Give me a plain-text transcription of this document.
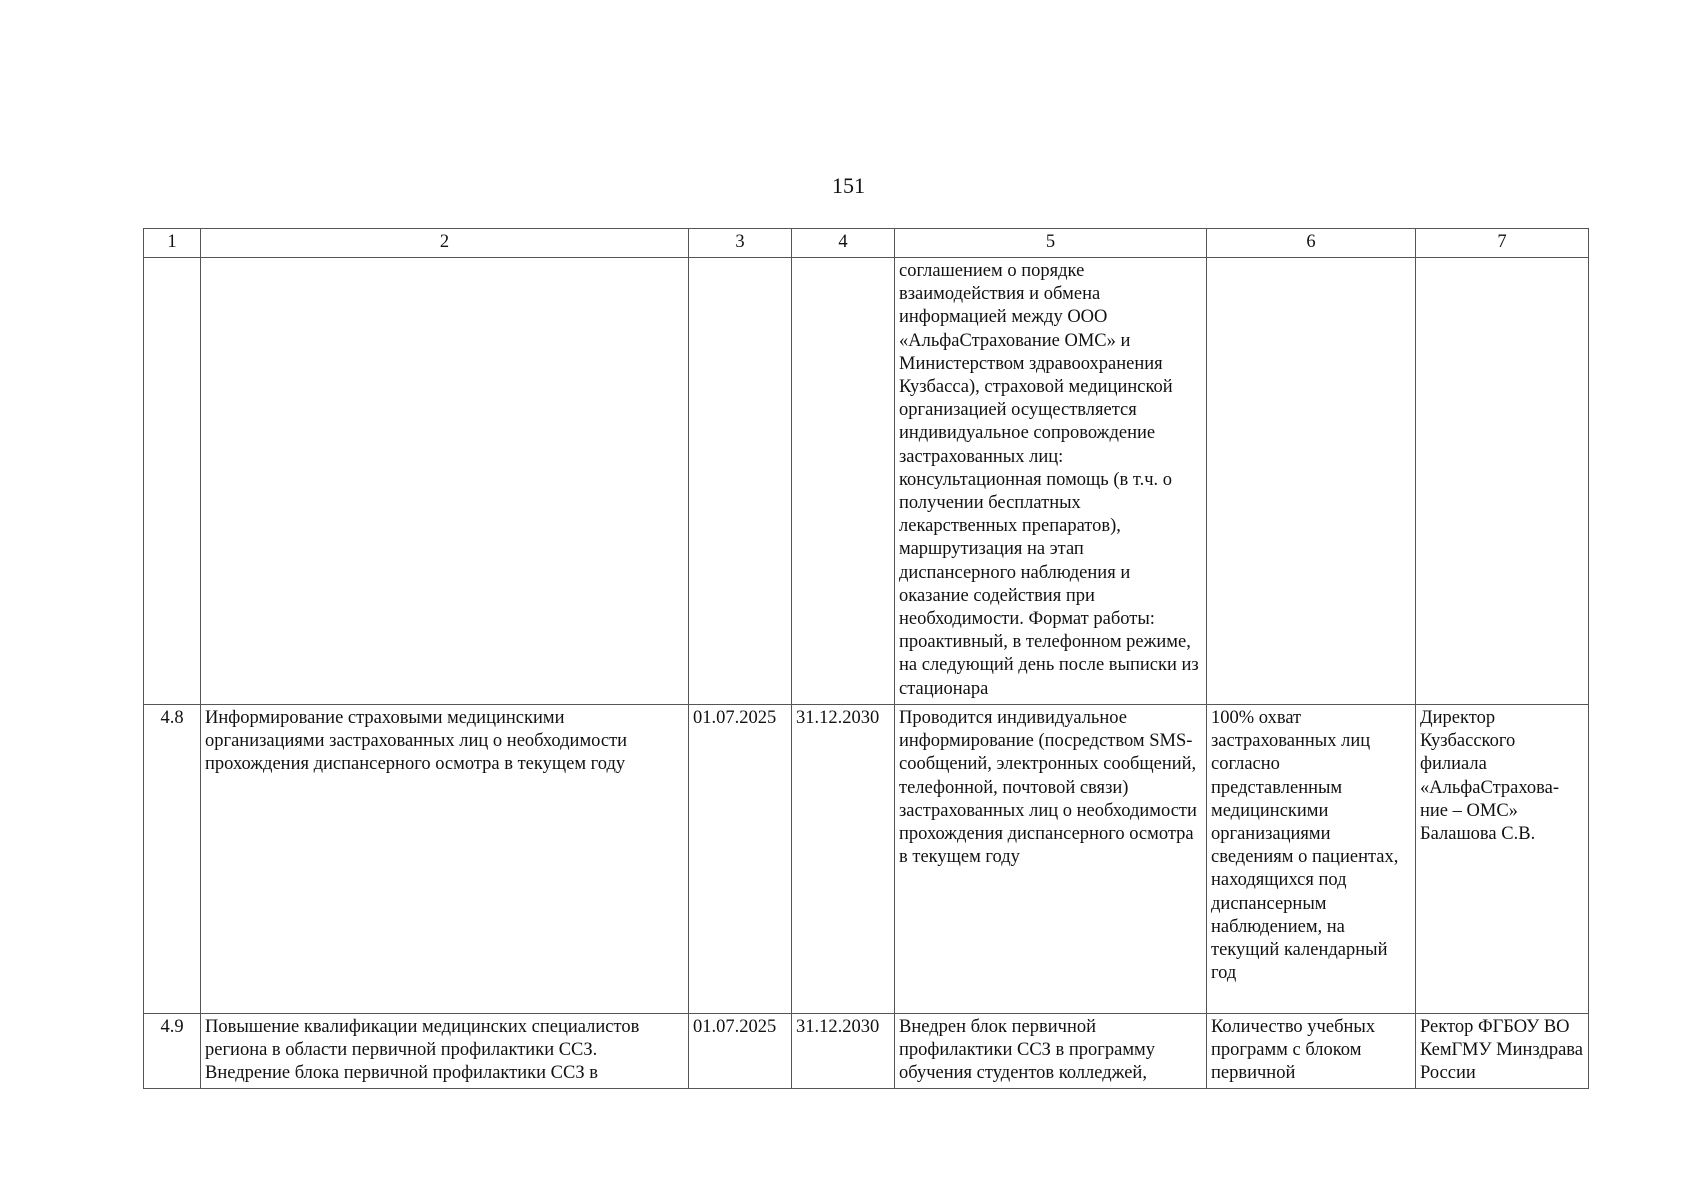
151
1	2	3	4	5	6	7
				соглашением о порядке взаимодействия и обмена информацией между ООО «АльфаСтрахование ОМС» и Министерством здравоохранения Кузбасса), страховой медицинской организацией осуществляется индивидуальное сопровождение застрахованных лиц: консультационная помощь (в т.ч. о получении бесплатных лекарственных препаратов), маршрутизация на этап диспансерного наблюдения и оказание содействия при необходимости. Формат работы: проактивный, в телефонном режиме, на следующий день после выписки из стационара		
4.8	Информирование страховыми медицинскими организациями застрахованных лиц о необходимости прохождения диспансерного осмотра в текущем году	01.07.2025	31.12.2030	Проводится индивидуальное информирование (посредством SMS-сообщений, электронных сообщений, телефонной, почтовой связи) застрахованных лиц о необходимости прохождения диспансерного осмотра в текущем году	100% охват застрахованных лиц согласно представленным медицинскими организациями сведениям о пациентах, находящихся под диспансерным наблюдением, на текущий календарный год	Директор Кузбасского филиала «АльфаСтрахова-ние – ОМС» Балашова С.В.
4.9	Повышение квалификации медицинских специалистов региона в области первичной профилактики ССЗ. Внедрение блока первичной профилактики ССЗ в	01.07.2025	31.12.2030	Внедрен блок первичной профилактики ССЗ в программу обучения студентов колледжей,	Количество учебных программ с блоком первичной	Ректор ФГБОУ ВО КемГМУ Минздрава России
